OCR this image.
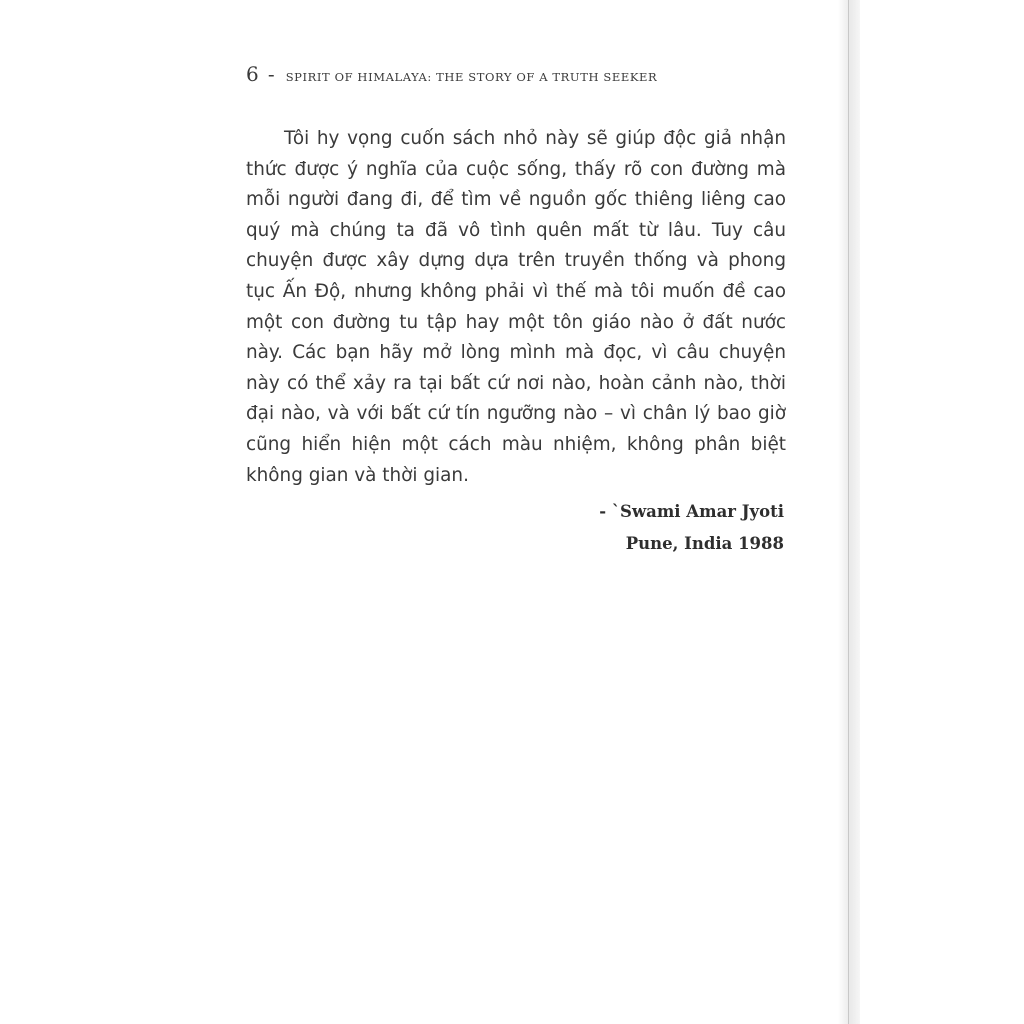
6 - SPIRIT OF HIMALAYA: THE STORY OF A TRUTH SEEKER

Tôi hy vọng cuốn sách nhỏ này sẽ giúp độc giả nhận thức được ý nghĩa của cuộc sống, thấy rõ con đường mà mỗi người đang đi, để tìm về nguồn gốc thiêng liêng cao quý mà chúng ta đã vô tình quên mất từ lâu. Tuy câu chuyện được xây dựng dựa trên truyền thống và phong tục Ấn Độ, nhưng không phải vì thế mà tôi muốn đề cao một con đường tu tập hay một tôn giáo nào ở đất nước này. Các bạn hãy mở lòng mình mà đọc, vì câu chuyện này có thể xảy ra tại bất cứ nơi nào, hoàn cảnh nào, thời đại nào, và với bất cứ tín ngưỡng nào – vì chân lý bao giờ cũng hiển hiện một cách màu nhiệm, không phân biệt không gian và thời gian.

- `Swami Amar Jyoti
Pune, India 1988
